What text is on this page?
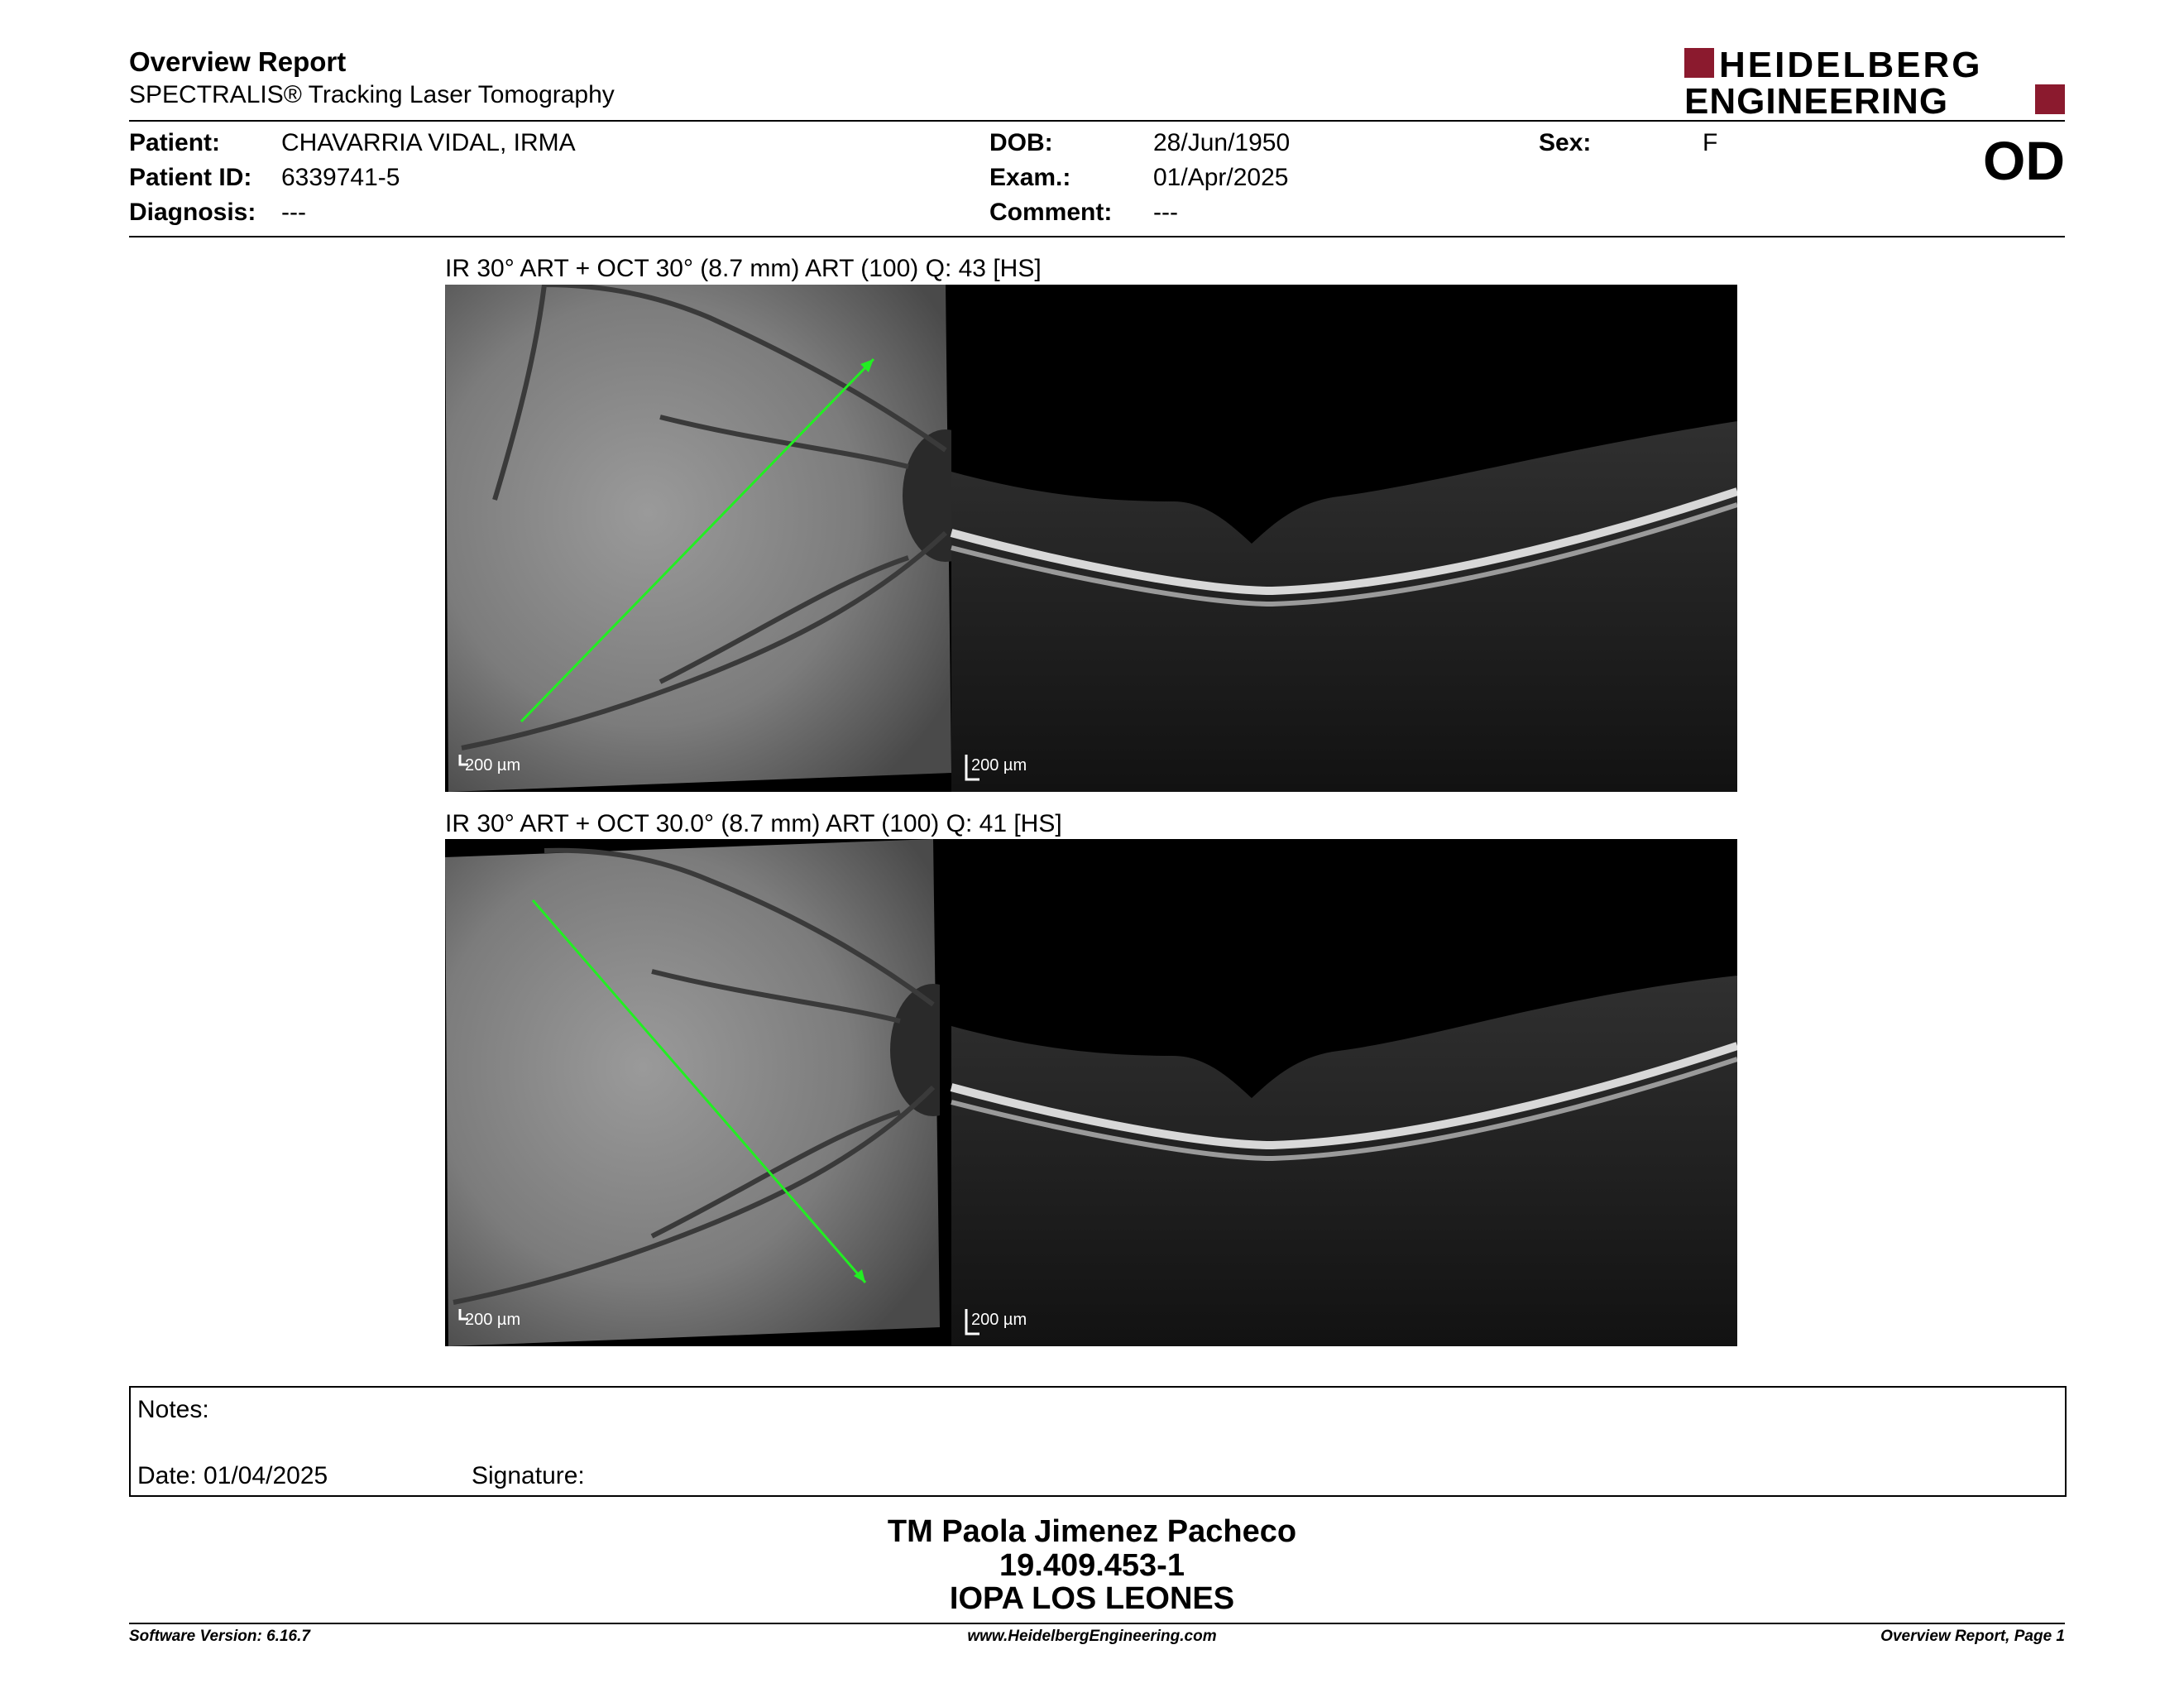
Overview Report
SPECTRALIS® Tracking Laser Tomography
HEIDELBERG
ENGINEERING
Patient: CHAVARRIA VIDAL, IRMA
Patient ID: 6339741-5
Diagnosis: ---
DOB:	28/Jun/1950
Exam.:	01/Apr/2025
Comment: ---
Sex:	F	OD
IR 30° ART + OCT 30° (8.7 mm) ART (100) Q: 43 [HS]
200 µm	200 µm
IR 30° ART + OCT 30.0° (8.7 mm) ART (100) Q: 41 [HS]
200 µm	200 µm
Notes:
Date: 01/04/2025	Signature:
TM Paola Jimenez Pacheco
19.409.453-1
IOPA LOS LEONES
Software Version: 6.16.7	www.HeidelbergEngineering.com	Overview Report, Page 1
